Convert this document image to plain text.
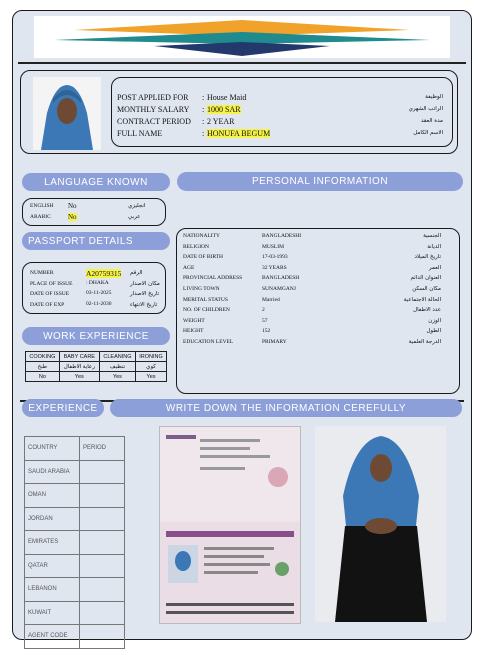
POST APPLIED FOR : House Maid	الوظيفة
MONTHLY SALARY : 1000 SAR	الراتب الشهري
CONTRACT PERIOD : 2 YEAR	مدة العقد
FULL NAME	: HONUFA BEGUM	الاسم الكامل
LANGUAGE KNOWN
ENGLISH No	انجليزي
ARABIC No	عربي
PERSONAL INFORMATION
NATIONALITY	BANGLADESHI	الجنسية
RELIGION	MUSLIM	الديانة
DATE OF BIRTH	17-03-1993	تاريخ الميلاد
AGE	32 YEARS	العمر
PROVINCIAL ADDRESS	BANGLADESH	العنوان الدائم
LIVING TOWN	SUNAMGANJ	مكان السكن
MERITAL STATUS	Married	الحالة الاجتماعية
NO. OF CHILDREN	2	عدد الاطفال
WEIGHT	57	الوزن
HEIGHT	152	الطول
EDUCATION LEVEL	PRIMARY	الدرجة العلمية
PASSPORT DETAILS
NUMBER	A20759315 الرقم
PLACE OF ISSUE : DHAKA	مكان الاصدار
DATE OF ISSUE	03-11-2025	تاريخ الاصدار
DATE OF EXP	02-11-2030	تاريخ الانتهاء
WORK EXPERIENCE
COOKING	BABY CARE	CLEANING	IRONING
طبخ	رعاية الاطفال	تنظيف	كوي
No	Yes	Yes	Yes
EXPERIENCE	WRITE DOWN THE INFORMATION CEREFULLY
COUNTRY	PERIOD
SAUDI ARABIA	
OMAN	
JORDAN	
EMIRATES	
QATAR	
LEBANON	
KUWAIT	
AGENT CODE	
